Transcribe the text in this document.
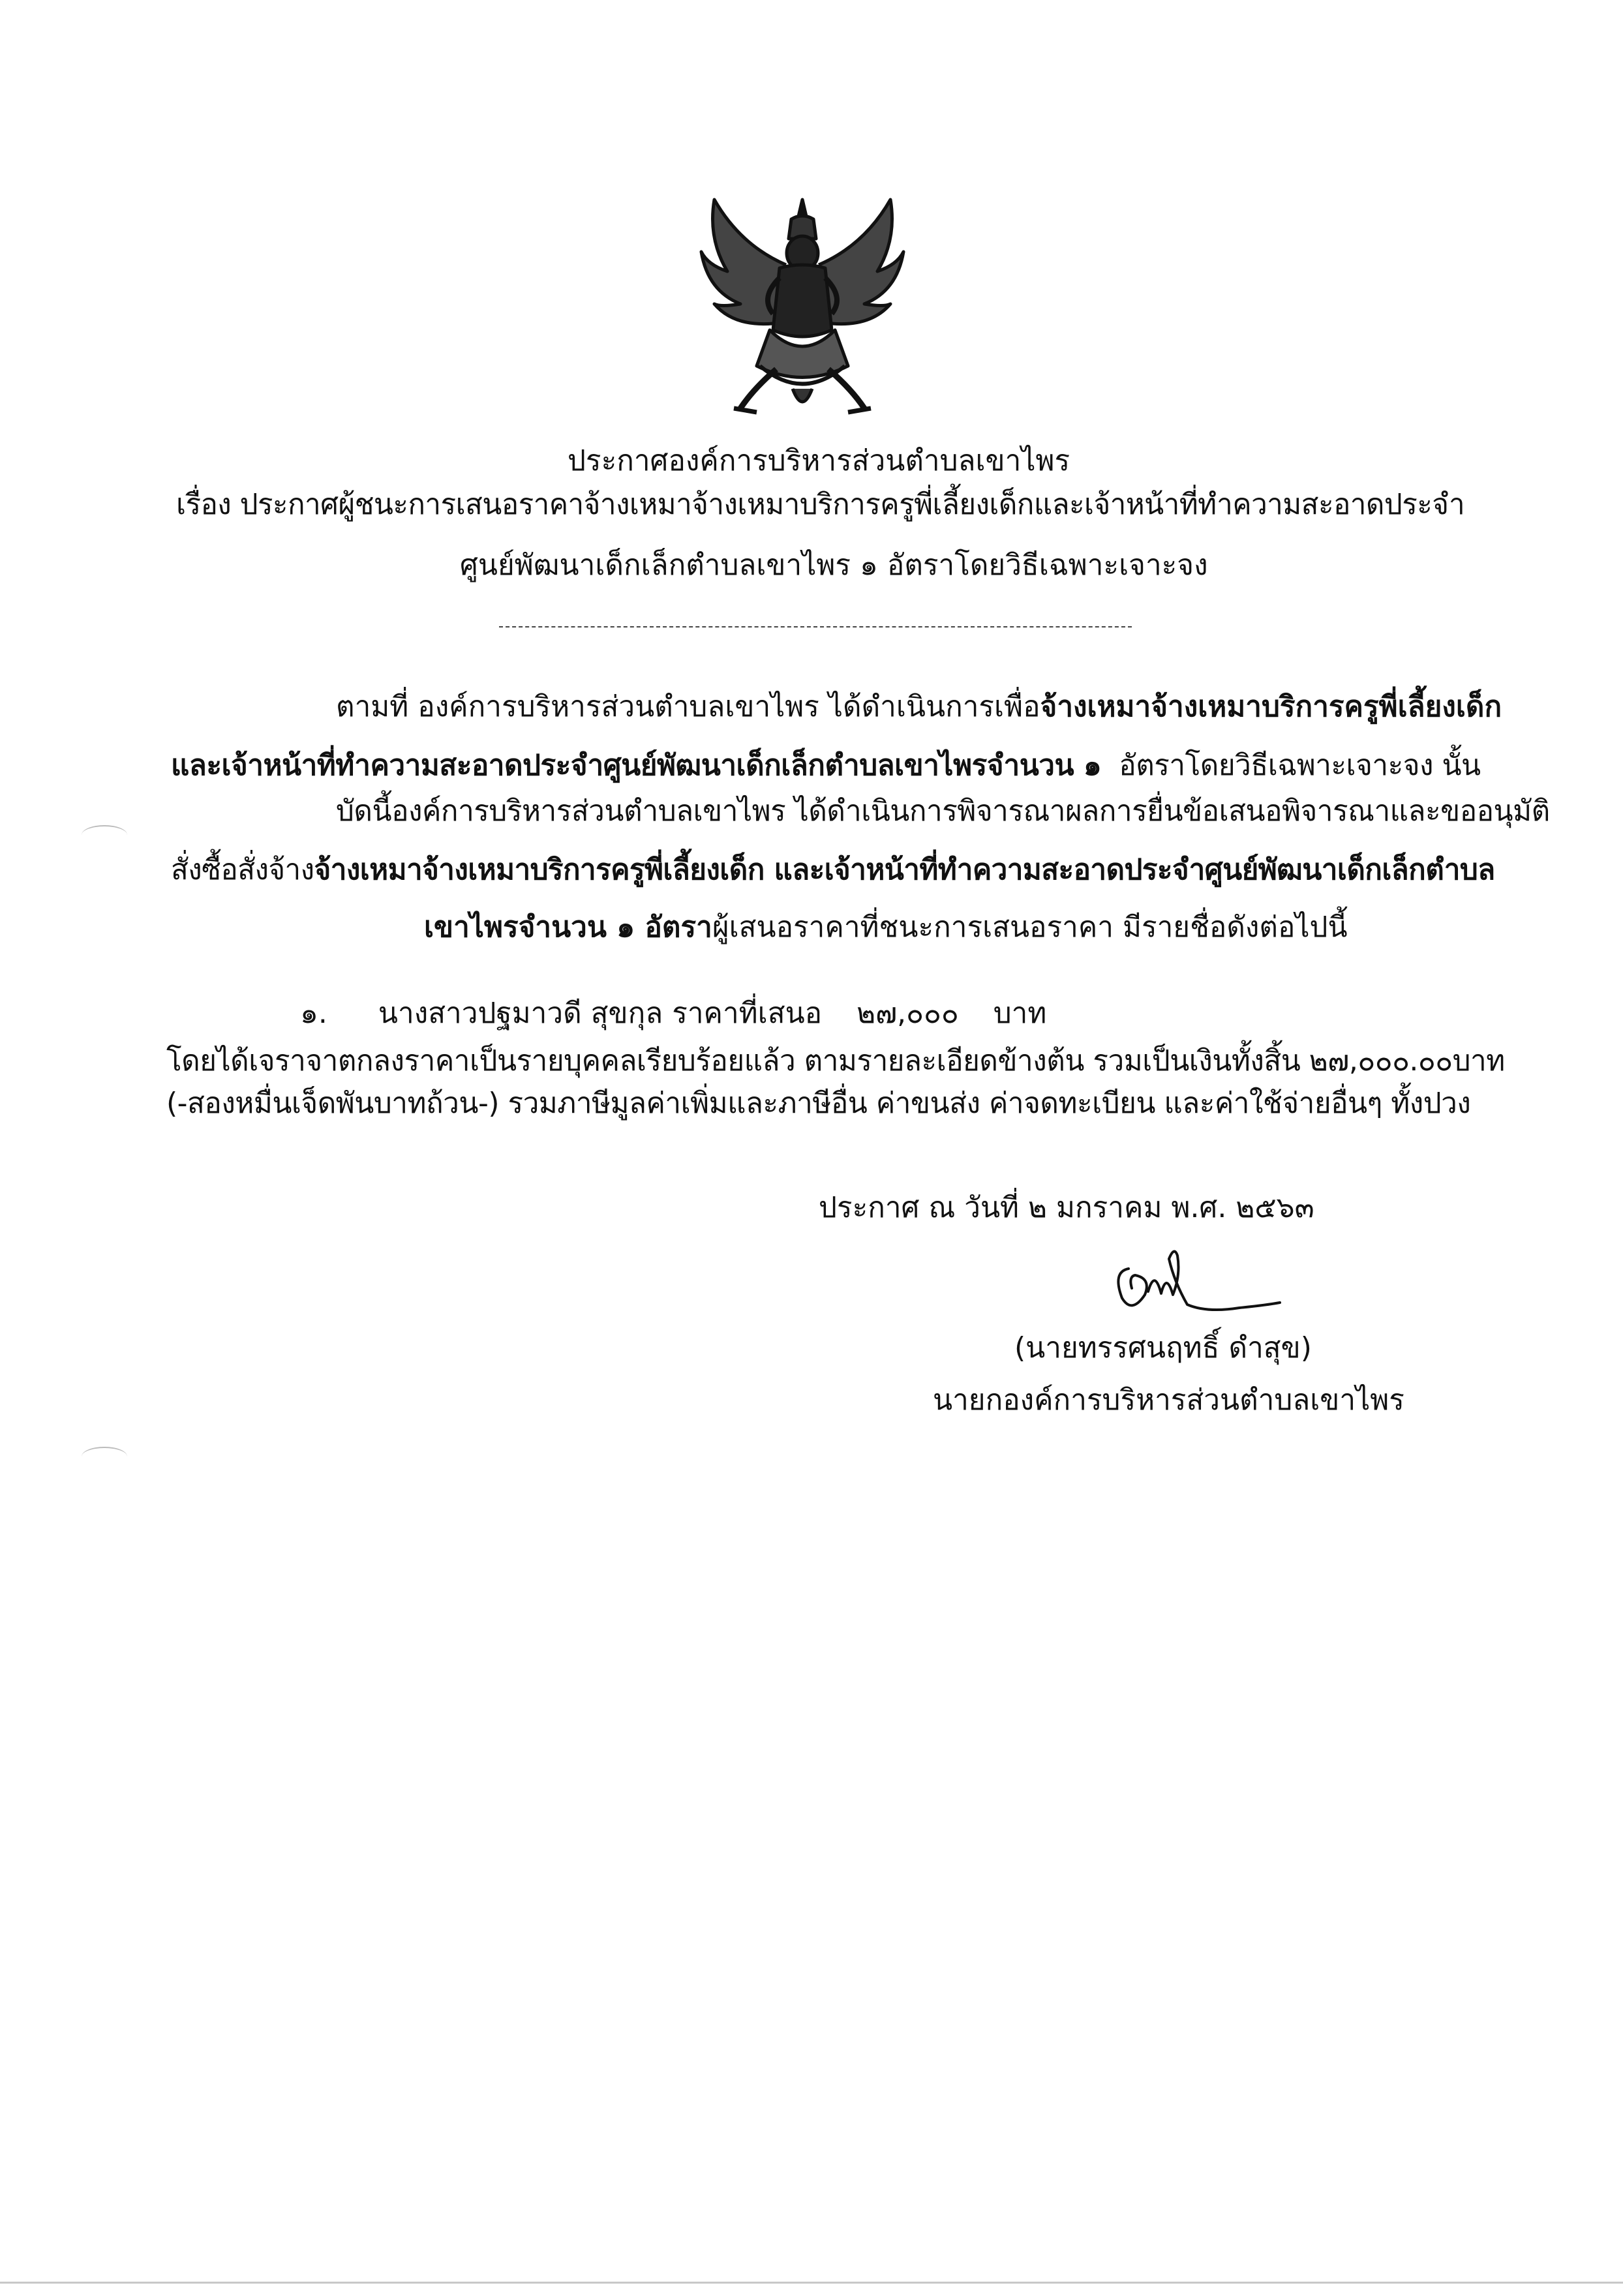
ประกาศองค์การบริหารส่วนตำบลเขาไพร
เรื่อง ประกาศผู้ชนะการเสนอราคาจ้างเหมาจ้างเหมาบริการครูพี่เลี้ยงเด็กและเจ้าหน้าที่ทำความสะอาดประจำ
ศูนย์พัฒนาเด็กเล็กตำบลเขาไพร ๑ อัตราโดยวิธีเฉพาะเจาะจง
ตามที่ องค์การบริหารส่วนตำบลเขาไพร ได้ดำเนินการเพื่อจ้างเหมาจ้างเหมาบริการครูพี่เลี้ยงเด็ก
และเจ้าหน้าที่ทำความสะอาดประจำศูนย์พัฒนาเด็กเล็กตำบลเขาไพรจำนวน ๑ อัตราโดยวิธีเฉพาะเจาะจง นั้น
บัดนี้องค์การบริหารส่วนตำบลเขาไพร ได้ดำเนินการพิจารณาผลการยื่นข้อเสนอพิจารณาและขออนุมัติ
สั่งซื้อสั่งจ้างจ้างเหมาจ้างเหมาบริการครูพี่เลี้ยงเด็ก และเจ้าหน้าที่ทำความสะอาดประจำศูนย์พัฒนาเด็กเล็กตำบล
เขาไพรจำนวน ๑ อัตราผู้เสนอราคาที่ชนะการเสนอราคา มีรายชื่อดังต่อไปนี้
๑. นางสาวปฐมาวดี สุขกุล ราคาที่เสนอ ๒๗,๐๐๐ บาท
โดยได้เจราจาตกลงราคาเป็นรายบุคคลเรียบร้อยแล้ว ตามรายละเอียดข้างต้น รวมเป็นเงินทั้งสิ้น ๒๗,๐๐๐.๐๐บาท
(-สองหมื่นเจ็ดพันบาทถ้วน-) รวมภาษีมูลค่าเพิ่มและภาษีอื่น ค่าขนส่ง ค่าจดทะเบียน และค่าใช้จ่ายอื่นๆ ทั้งปวง
ประกาศ ณ วันที่ ๒ มกราคม พ.ศ. ๒๕๖๓
(นายทรรศนฤทธิ์ ดำสุข)
นายกองค์การบริหารส่วนตำบลเขาไพร
